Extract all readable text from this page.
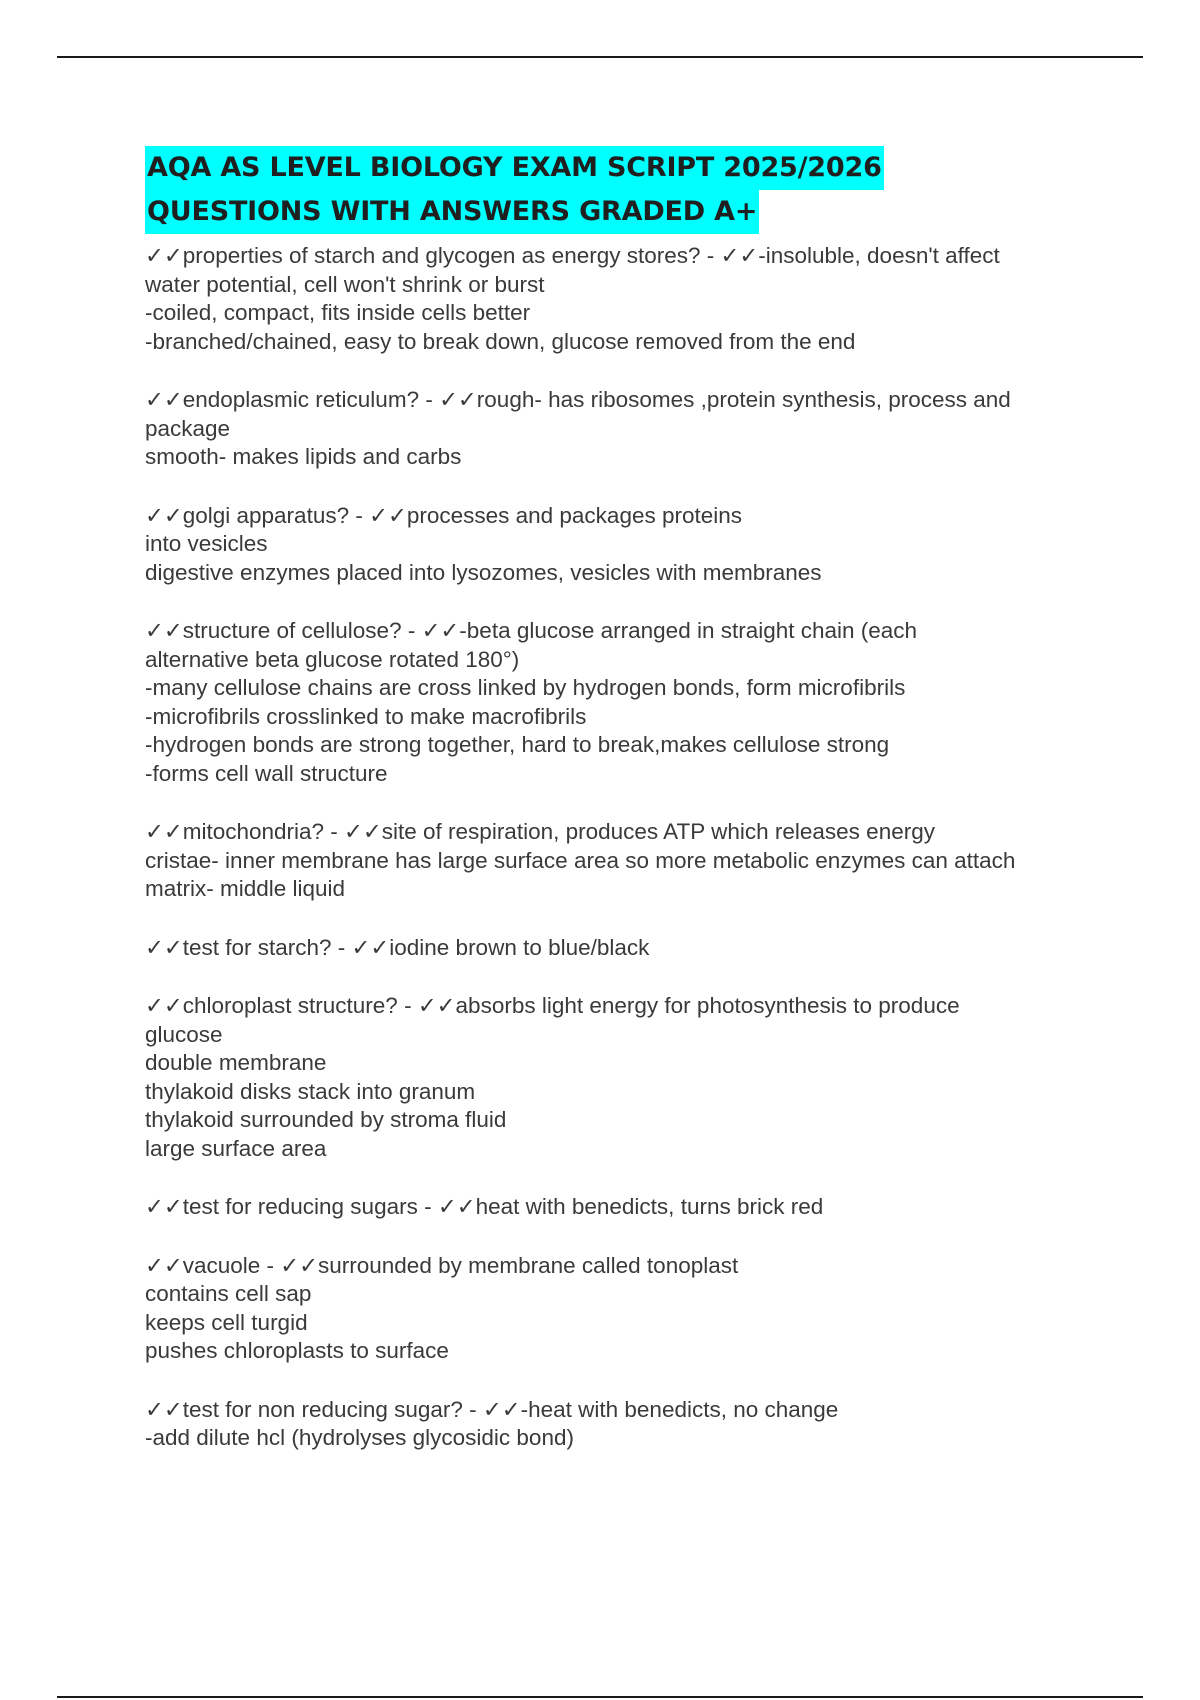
AQA AS LEVEL BIOLOGY EXAM SCRIPT 2025/2026
QUESTIONS WITH ANSWERS GRADED A+
✓✓properties of starch and glycogen as energy stores? - ✓✓-insoluble, doesn't affect
water potential, cell won't shrink or burst
-coiled, compact, fits inside cells better
-branched/chained, easy to break down, glucose removed from the end
✓✓endoplasmic reticulum? - ✓✓rough- has ribosomes ,protein synthesis, process and
package
smooth- makes lipids and carbs
✓✓golgi apparatus? - ✓✓processes and packages proteins
into vesicles
digestive enzymes placed into lysozomes, vesicles with membranes
✓✓structure of cellulose? - ✓✓-beta glucose arranged in straight chain (each
alternative beta glucose rotated 180°)
-many cellulose chains are cross linked by hydrogen bonds, form microfibrils
-microfibrils crosslinked to make macrofibrils
-hydrogen bonds are strong together, hard to break,makes cellulose strong
-forms cell wall structure
✓✓mitochondria? - ✓✓site of respiration, produces ATP which releases energy
cristae- inner membrane has large surface area so more metabolic enzymes can attach
matrix- middle liquid
✓✓test for starch? - ✓✓iodine brown to blue/black
✓✓chloroplast structure? - ✓✓absorbs light energy for photosynthesis to produce
glucose
double membrane
thylakoid disks stack into granum
thylakoid surrounded by stroma fluid
large surface area
✓✓test for reducing sugars - ✓✓heat with benedicts, turns brick red
✓✓vacuole - ✓✓surrounded by membrane called tonoplast
contains cell sap
keeps cell turgid
pushes chloroplasts to surface
✓✓test for non reducing sugar? - ✓✓-heat with benedicts, no change
-add dilute hcl (hydrolyses glycosidic bond)
